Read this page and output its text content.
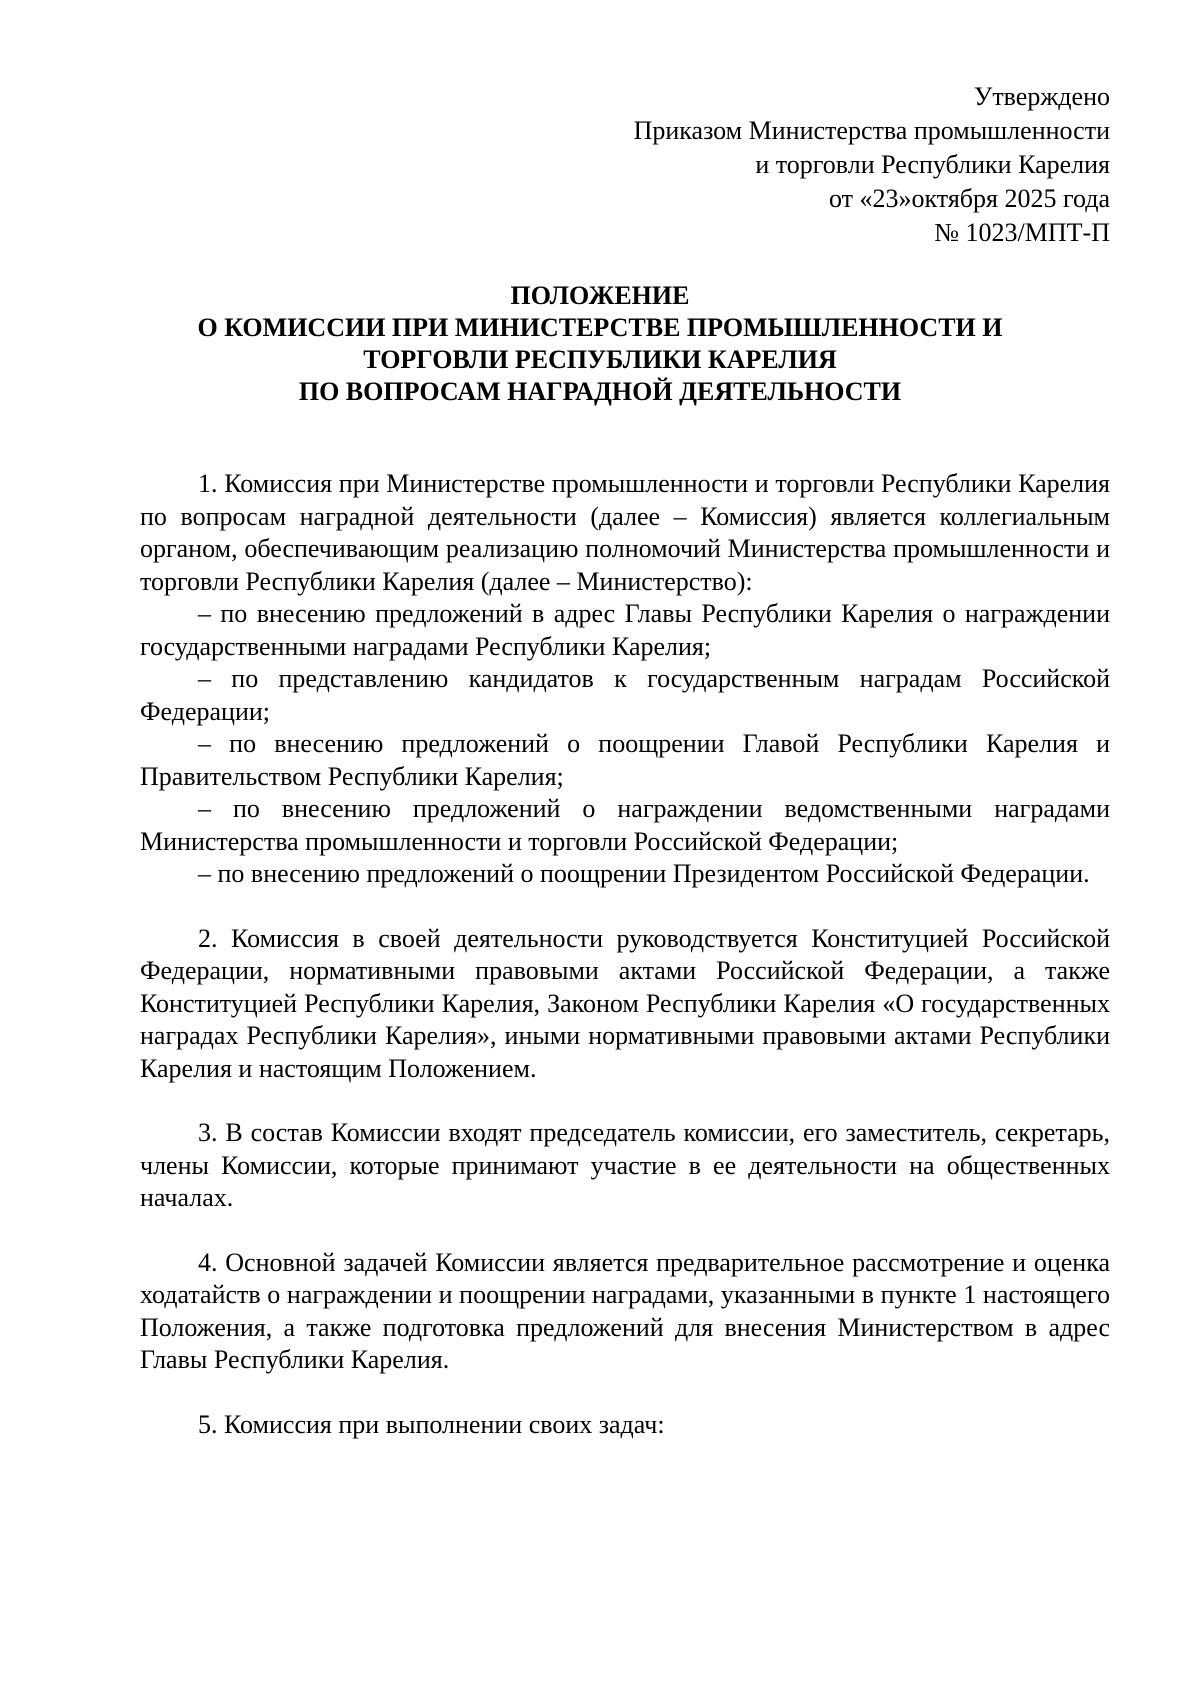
Утверждено
Приказом Министерства промышленности
и торговли Республики Карелия
от «23»октября 2025 года
№ 1023/МПТ-П
ПОЛОЖЕНИЕ
О КОМИССИИ ПРИ МИНИСТЕРСТВЕ ПРОМЫШЛЕННОСТИ И
ТОРГОВЛИ РЕСПУБЛИКИ КАРЕЛИЯ
ПО ВОПРОСАМ НАГРАДНОЙ ДЕЯТЕЛЬНОСТИ

1. Комиссия при Министерстве промышленности и торговли Республики Карелия по вопросам наградной деятельности (далее – Комиссия) является коллегиальным органом, обеспечивающим реализацию полномочий Министерства промышленности и торговли Республики Карелия (далее – Министерство):

– по внесению предложений в адрес Главы Республики Карелия о награждении государственными наградами Республики Карелия;

– по представлению кандидатов к государственным наградам Российской Федерации;

– по внесению предложений о поощрении Главой Республики Карелия и Правительством Республики Карелия;

– по внесению предложений о награждении ведомственными наградами Министерства промышленности и торговли Российской Федерации;

– по внесению предложений о поощрении Президентом Российской Федерации.

2. Комиссия в своей деятельности руководствуется Конституцией Российской Федерации, нормативными правовыми актами Российской Федерации, а также Конституцией Республики Карелия, Законом Республики Карелия «О государственных наградах Республики Карелия», иными нормативными правовыми актами Республики Карелия и настоящим Положением.

3. В состав Комиссии входят председатель комиссии, его заместитель, секретарь, члены Комиссии, которые принимают участие в ее деятельности на общественных началах.

4. Основной задачей Комиссии является предварительное рассмотрение и оценка ходатайств о награждении и поощрении наградами, указанными в пункте 1 настоящего Положения, а также подготовка предложений для внесения Министерством в адрес Главы Республики Карелия.

5. Комиссия при выполнении своих задач:
